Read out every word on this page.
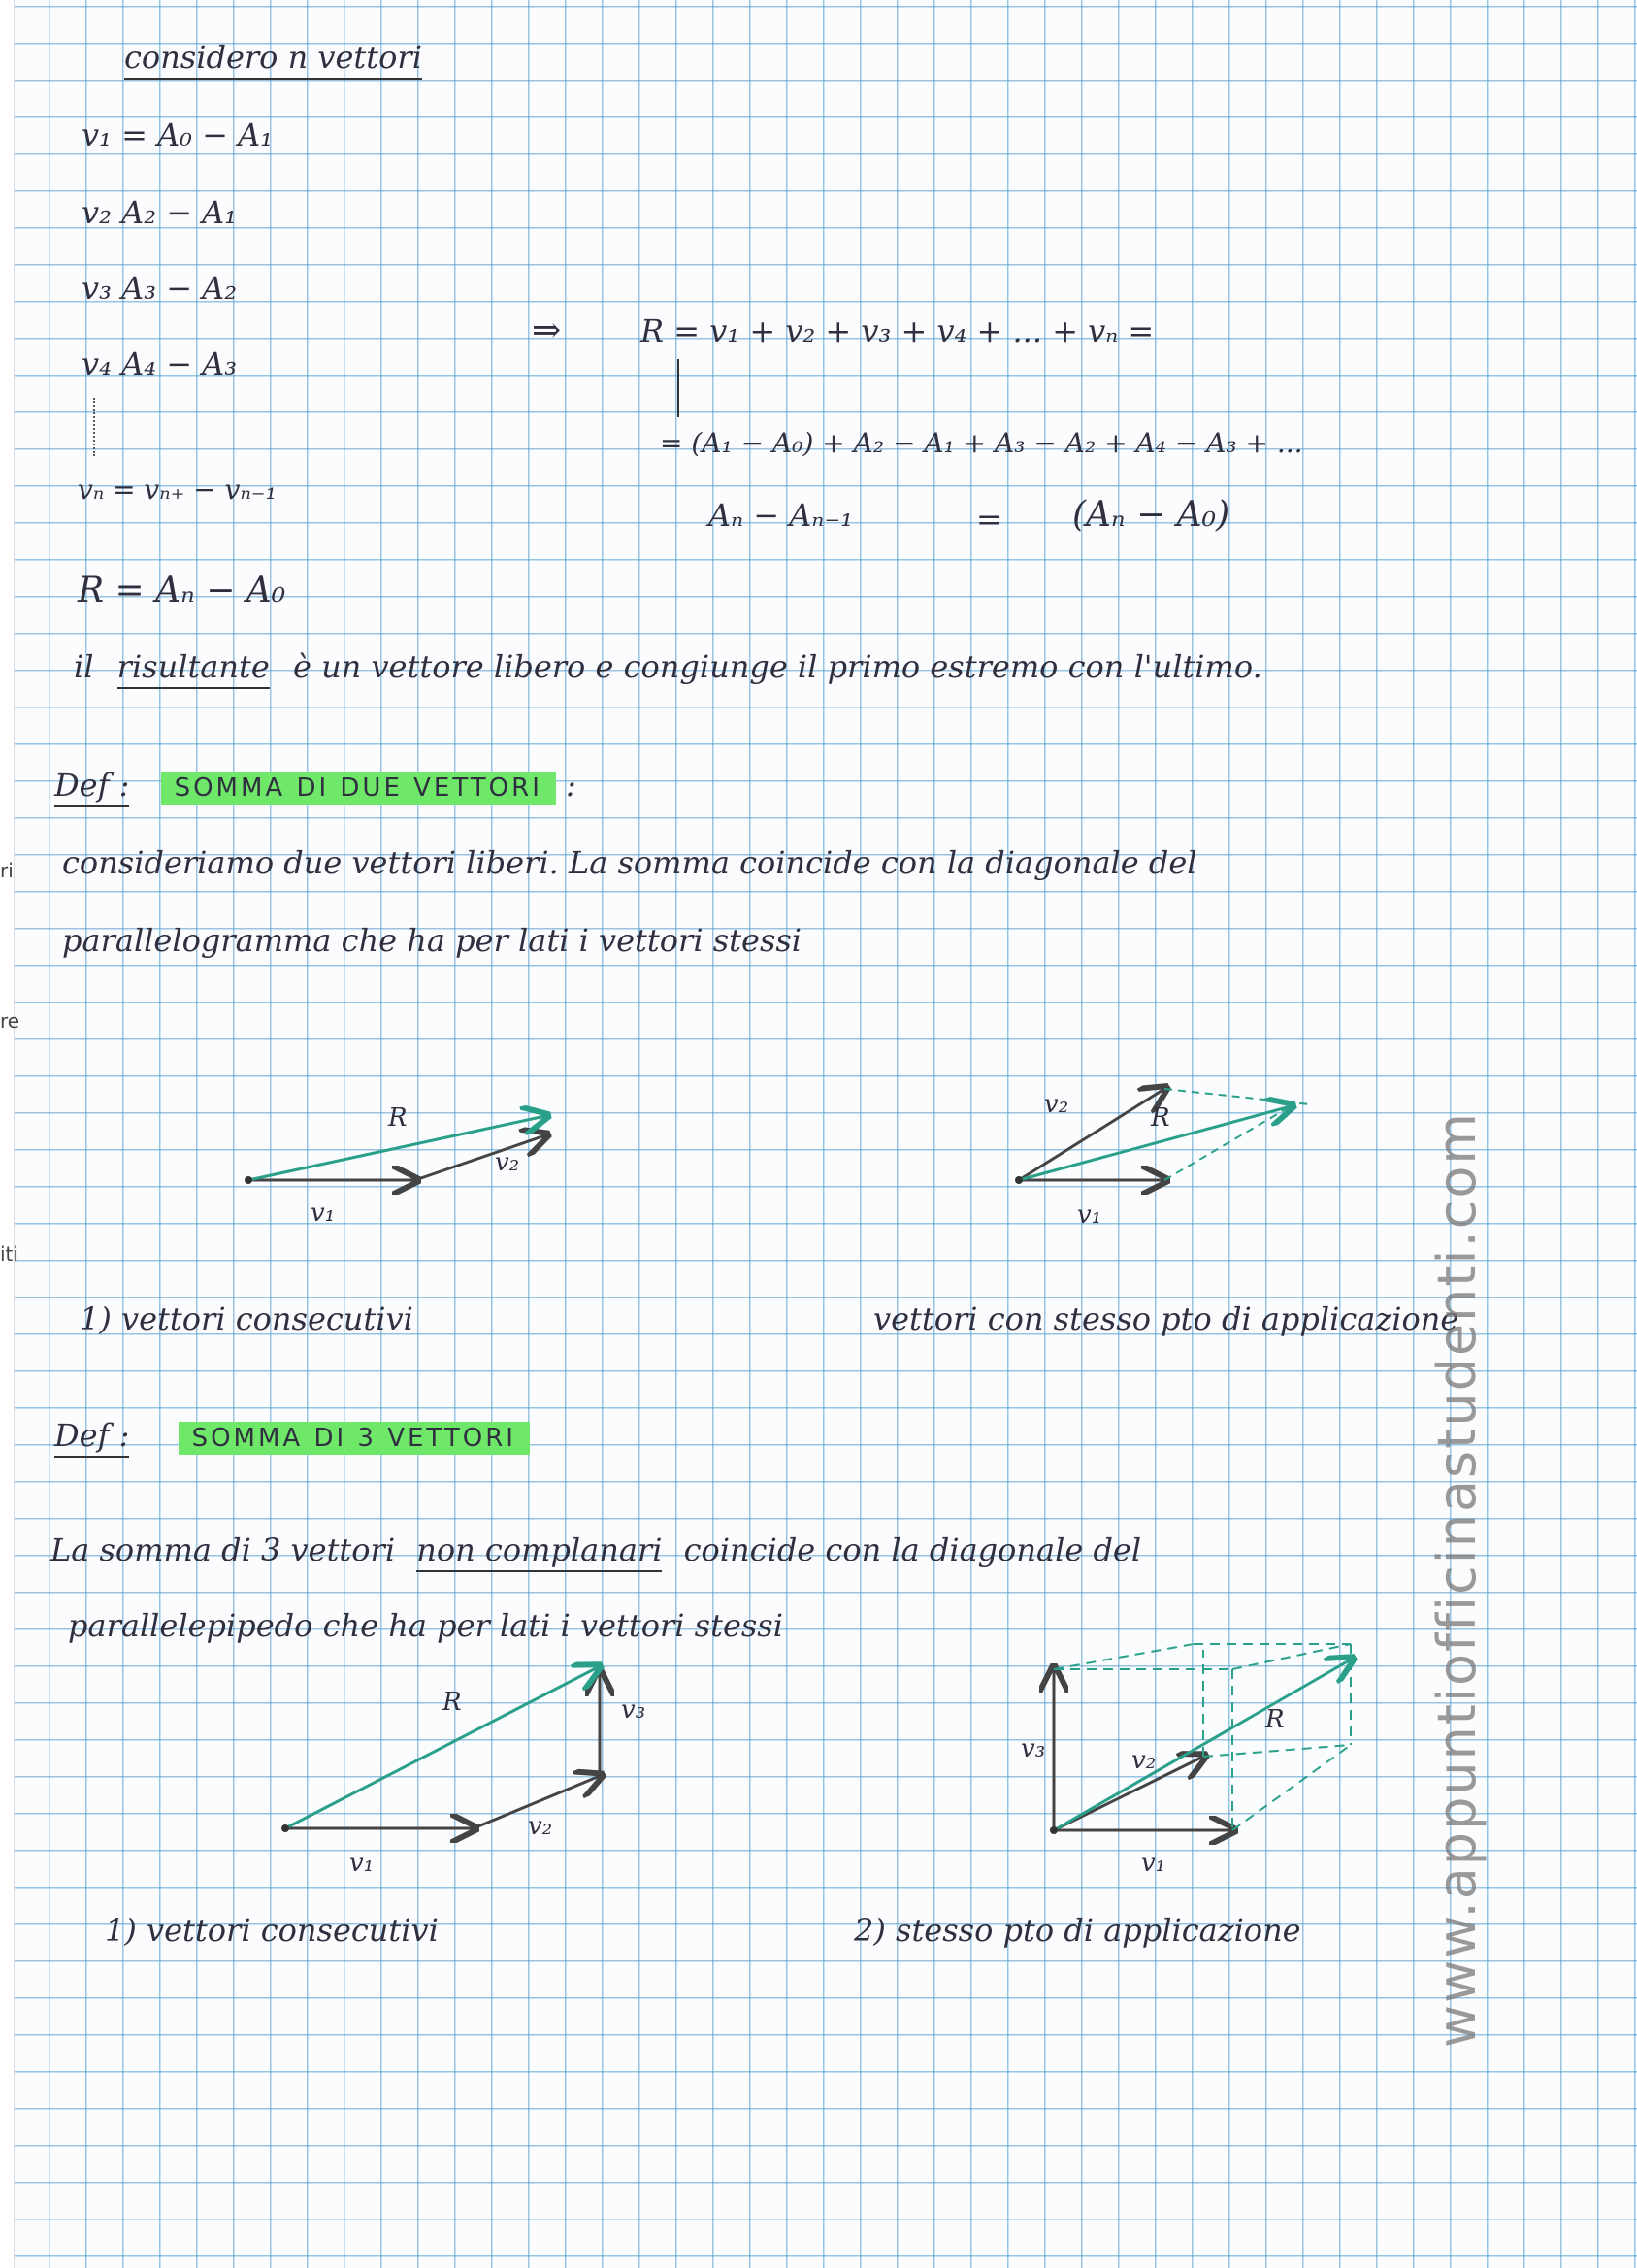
ri
re
iti
considero n vettori
v₁ = A₀ − A₁
v₂ A₂ − A₁
v₃ A₃ − A₂
v₄ A₄ − A₃
vₙ = vₙ₊ − vₙ₋₁
⇒	R = v₁ + v₂ + v₃ + v₄ + ... + vₙ =
= (A₁ − A₀) + A₂ − A₁ + A₃ − A₂ + A₄ − A₃ + ...
Aₙ − Aₙ₋₁	= (Aₙ − A₀)
R = Aₙ − A₀
il risultante è un vettore libero e congiunge il primo estremo con l'ultimo.
Def : SOMMA DI DUE VETTORI :
consideriamo due vettori liberi. La somma coincide con la diagonale del
parallelogramma che ha per lati i vettori stessi
R
v₂
v₁
v₂	R
v₁
1) vettori consecutivi	vettori con stesso pto di applicazione
Def : SOMMA DI 3 VETTORI
La somma di 3 vettori non complanari coincide con la diagonale del
parallelepipedo che ha per lati i vettori stessi
R	v₃
v₂
v₁
v₃	v₂
R
v₁
1) vettori consecutivi	2) stesso pto di applicazione www.appuntiofficinastudenti.com
